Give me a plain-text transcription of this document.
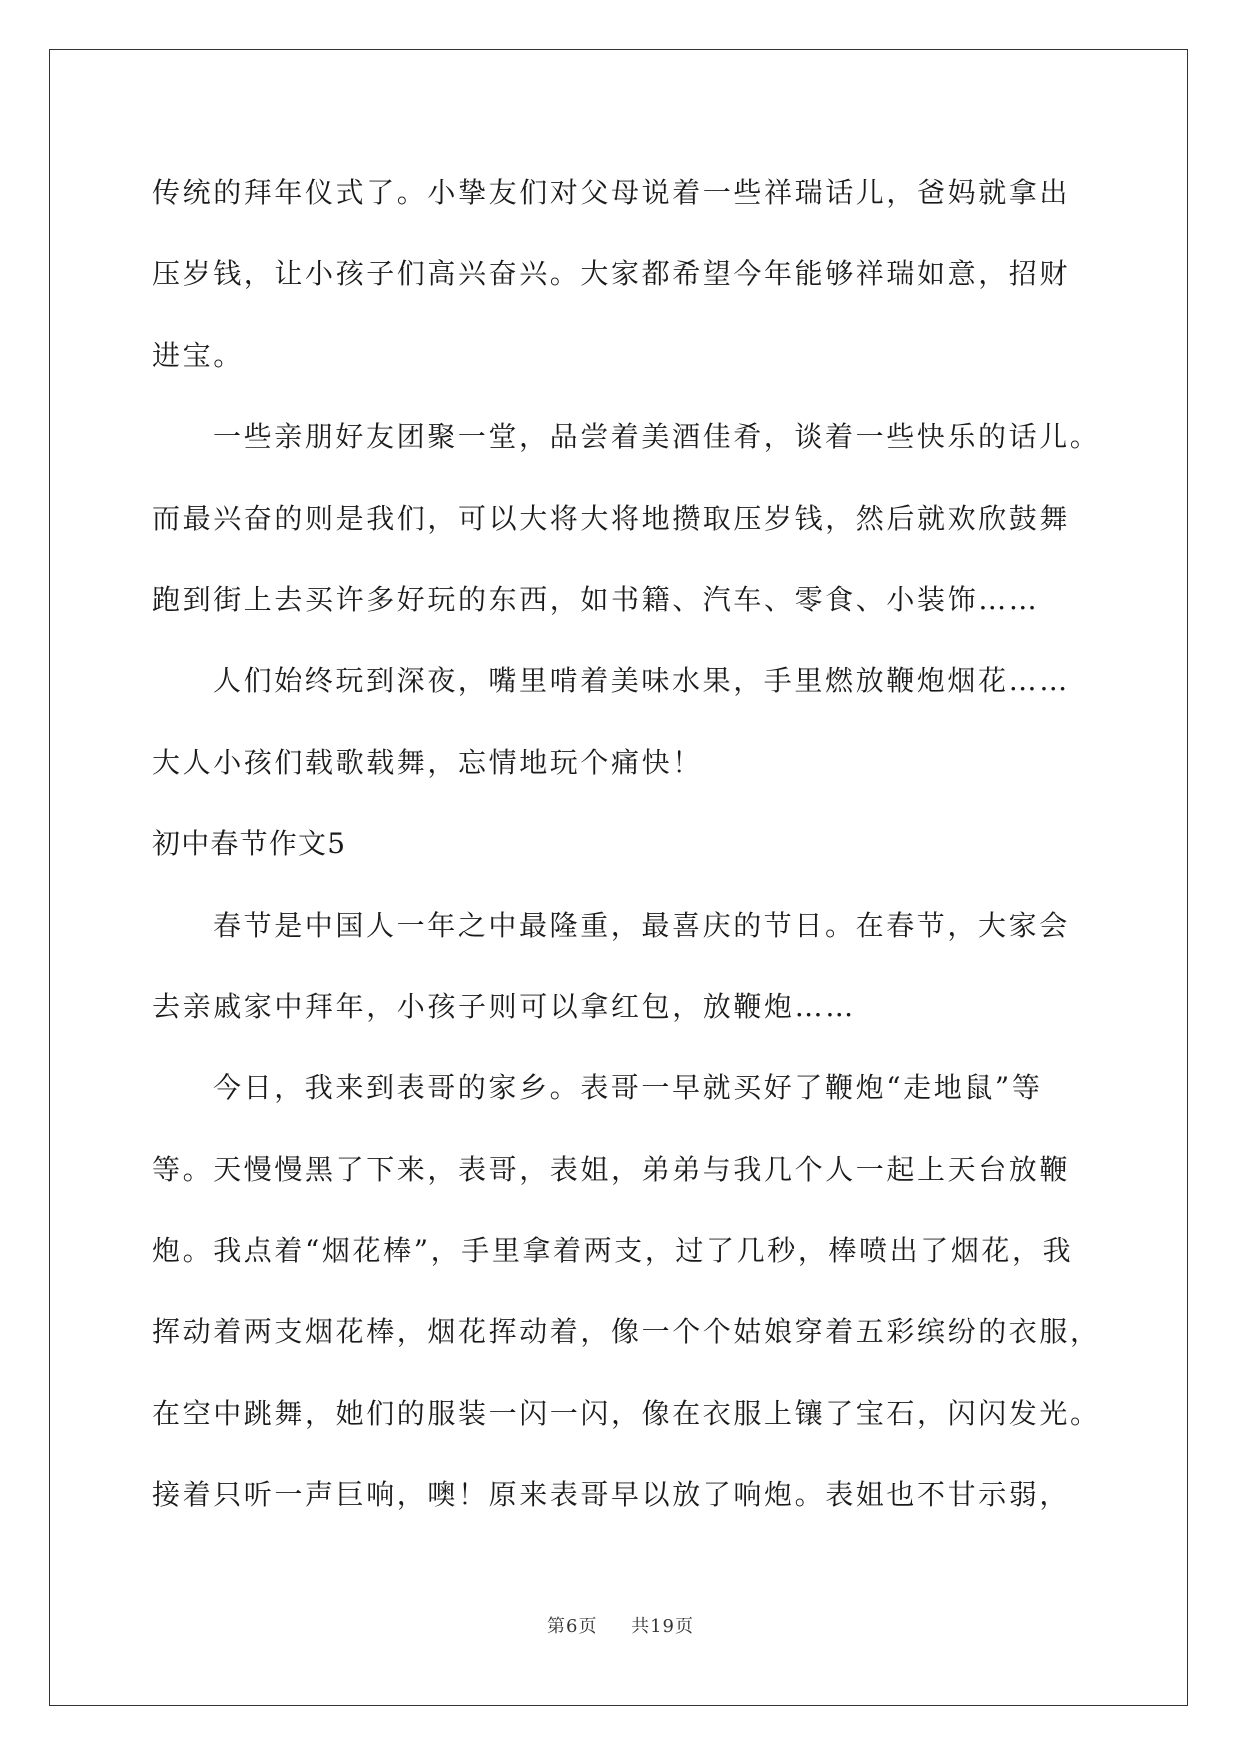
传统的拜年仪式了。小挚友们对父母说着一些祥瑞话儿，爸妈就拿出
压岁钱，让小孩子们高兴奋兴。大家都希望今年能够祥瑞如意，招财
进宝。
一些亲朋好友团聚一堂，品尝着美酒佳肴，谈着一些快乐的话儿。
而最兴奋的则是我们，可以大将大将地攒取压岁钱，然后就欢欣鼓舞
跑到街上去买许多好玩的东西，如书籍、汽车、零食、小装饰……
人们始终玩到深夜，嘴里啃着美味水果，手里燃放鞭炮烟花……
大人小孩们载歌载舞，忘情地玩个痛快！
初中春节作文5
春节是中国人一年之中最隆重，最喜庆的节日。在春节，大家会
去亲戚家中拜年，小孩子则可以拿红包，放鞭炮……
今日，我来到表哥的家乡。表哥一早就买好了鞭炮“走地鼠”等
等。天慢慢黑了下来，表哥，表姐，弟弟与我几个人一起上天台放鞭
炮。我点着“烟花棒”，手里拿着两支，过了几秒，棒喷出了烟花，我
挥动着两支烟花棒，烟花挥动着，像一个个姑娘穿着五彩缤纷的衣服，
在空中跳舞，她们的服装一闪一闪，像在衣服上镶了宝石，闪闪发光。
接着只听一声巨响，噢！原来表哥早以放了响炮。表姐也不甘示弱，
第6页 共19页
